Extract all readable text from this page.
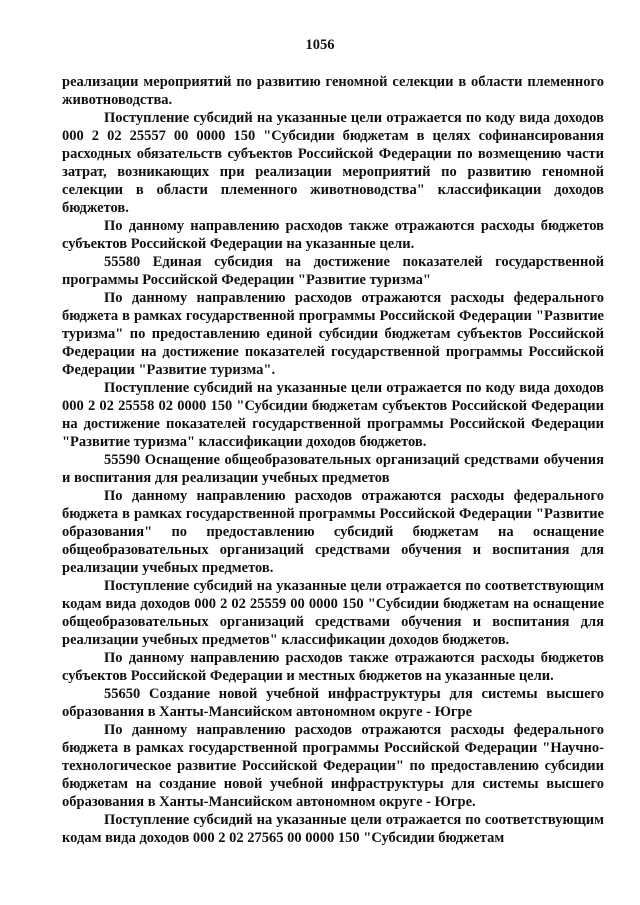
1056

реализации мероприятий по развитию геномной селекции в области племенного животноводства.

Поступление субсидий на указанные цели отражается по коду вида доходов 000 2 02 25557 00 0000 150 "Субсидии бюджетам в целях софинансирования расходных обязательств субъектов Российской Федерации по возмещению части затрат, возникающих при реализации мероприятий по развитию геномной селекции в области племенного животноводства" классификации доходов бюджетов.

По данному направлению расходов также отражаются расходы бюджетов субъектов Российской Федерации на указанные цели.

55580 Единая субсидия на достижение показателей государственной программы Российской Федерации "Развитие туризма"

По данному направлению расходов отражаются расходы федерального бюджета в рамках государственной программы Российской Федерации "Развитие туризма" по предоставлению единой субсидии бюджетам субъектов Российской Федерации на достижение показателей государственной программы Российской Федерации "Развитие туризма".

Поступление субсидий на указанные цели отражается по коду вида доходов 000 2 02 25558 02 0000 150 "Субсидии бюджетам субъектов Российской Федерации на достижение показателей государственной программы Российской Федерации "Развитие туризма" классификации доходов бюджетов.

55590 Оснащение общеобразовательных организаций средствами обучения и воспитания для реализации учебных предметов

По данному направлению расходов отражаются расходы федерального бюджета в рамках государственной программы Российской Федерации "Развитие образования" по предоставлению субсидий бюджетам на оснащение общеобразовательных организаций средствами обучения и воспитания для реализации учебных предметов.

Поступление субсидий на указанные цели отражается по соответствующим кодам вида доходов 000 2 02 25559 00 0000 150 "Субсидии бюджетам на оснащение общеобразовательных организаций средствами обучения и воспитания для реализации учебных предметов" классификации доходов бюджетов.

По данному направлению расходов также отражаются расходы бюджетов субъектов Российской Федерации и местных бюджетов на указанные цели.

55650 Создание новой учебной инфраструктуры для системы высшего образования в Ханты-Мансийском автономном округе - Югре

По данному направлению расходов отражаются расходы федерального бюджета в рамках государственной программы Российской Федерации "Научно-технологическое развитие Российской Федерации" по предоставлению субсидии бюджетам на создание новой учебной инфраструктуры для системы высшего образования в Ханты-Мансийском автономном округе - Югре.

Поступление субсидий на указанные цели отражается по соответствующим кодам вида доходов 000 2 02 27565 00 0000 150 "Субсидии бюджетам
